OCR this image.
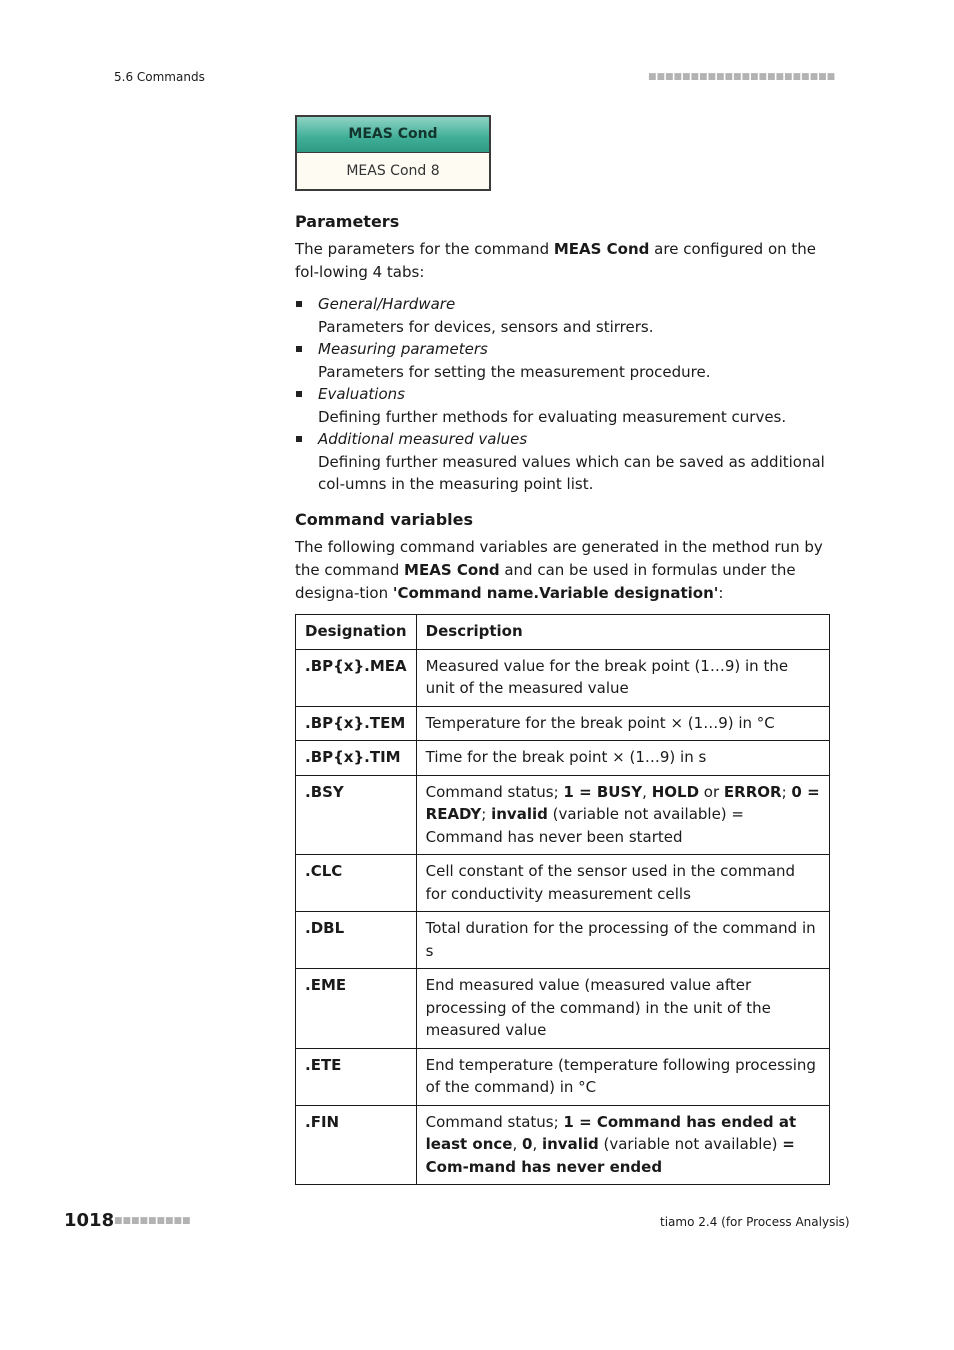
5.6 Commands	■■■■■■■■■■■■■■■■■■■■■■
MEAS Cond
MEAS Cond 8
Parameters
The parameters for the command MEAS Cond are configured on the fol-lowing 4 tabs:
General/Hardware
Parameters for devices, sensors and stirrers.
Measuring parameters
Parameters for setting the measurement procedure.
Evaluations
Defining further methods for evaluating measurement curves.
Additional measured values
Defining further measured values which can be saved as additional col-umns in the measuring point list.
Command variables
The following command variables are generated in the method run by the command MEAS Cond and can be used in formulas under the designa-tion 'Command name.Variable designation':
Designation	Description
.BP{x}.MEA	Measured value for the break point (1…9) in the unit of the measured value
.BP{x}.TEM	Temperature for the break point × (1…9) in °C
.BP{x}.TIM	Time for the break point × (1…9) in s
.BSY	Command status; 1 = BUSY, HOLD or ERROR; 0 = READY; invalid (variable not available) = Command has never been started
.CLC	Cell constant of the sensor used in the command for conductivity measurement cells
.DBL	Total duration for the processing of the command in s
.EME	End measured value (measured value after processing of the command) in the unit of the measured value
.ETE	End temperature (temperature following processing of the command) in °C
.FIN	Command status; 1 = Command has ended at least once, 0, invalid (variable not available) = Com-mand has never ended
1018 ■■■■■■■■■	tiamo 2.4 (for Process Analysis)
